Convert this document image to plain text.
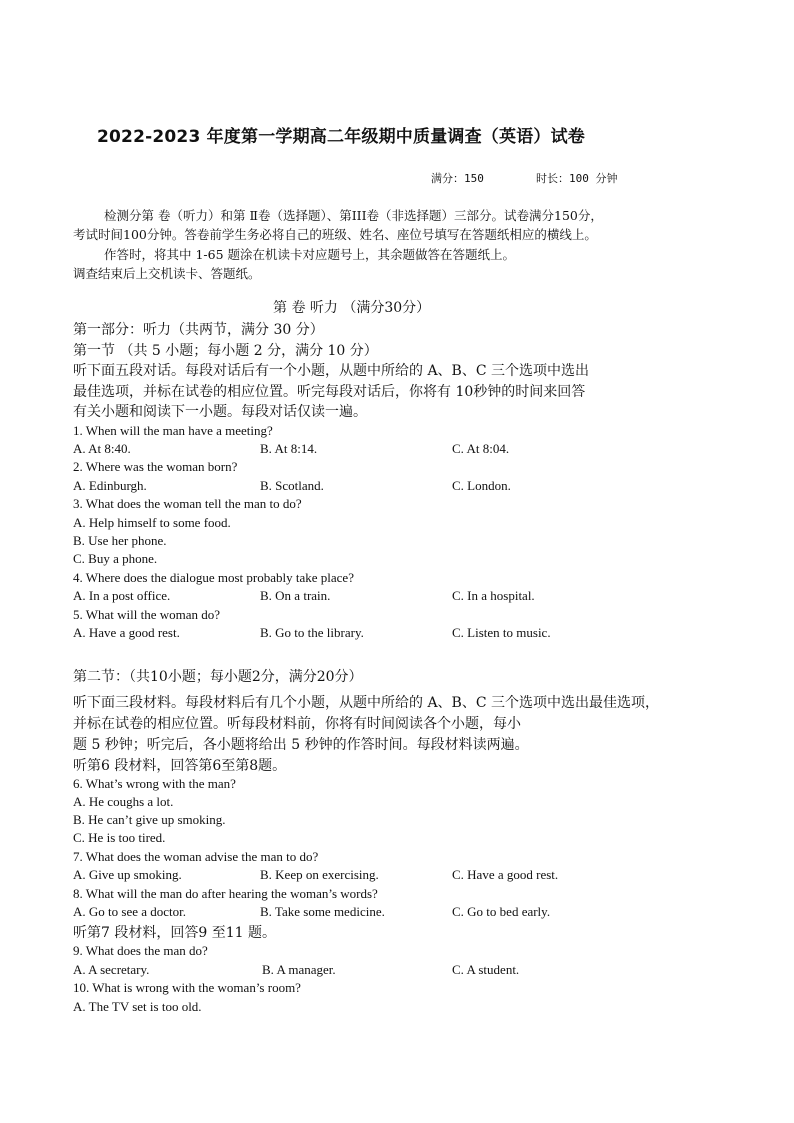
2022-2023 年度第一学期高二年级期中质量调查（英语）试卷
满分：150	时长：100 分钟
检测分第 卷（听力）和第 Ⅱ卷（选择题）、第III卷（非选择题）三部分。试卷满分150分，
考试时间100分钟。答卷前学生务必将自己的班级、姓名、座位号填写在答题纸相应的横线上。
作答时，将其中 1-65 题涂在机读卡对应题号上，其余题做答在答题纸上。
调查结束后上交机读卡、答题纸。
第 卷 听力 （满分30分）
第一部分：听力（共两节，满分 30 分）
第一节 （共 5 小题；每小题 2 分，满分 10 分）
听下面五段对话。每段对话后有一个小题，从题中所给的 A、B、C 三个选项中选出
最佳选项，并标在试卷的相应位置。听完每段对话后，你将有 10秒钟的时间来回答
有关小题和阅读下一小题。每段对话仅读一遍。
1. When will the man have a meeting?
A. At 8:40.	B. At 8:14.	C. At 8:04.
2. Where was the woman born?
A. Edinburgh.	B. Scotland.	C. London.
3. What does the woman tell the man to do?
A. Help himself to some food.
B. Use her phone.
C. Buy a phone.
4. Where does the dialogue most probably take place?
A. In a post office.	B. On a train.	C. In a hospital.
5. What will the woman do?
A. Have a good rest.	B. Go to the library.	C. Listen to music.
第二节：（共10小题；每小题2分，满分20分）
听下面三段材料。每段材料后有几个小题，从题中所给的 A、B、C 三个选项中选出最佳选项，
并标在试卷的相应位置。听每段材料前，你将有时间阅读各个小题，每小
题 5 秒钟；听完后，各小题将给出 5 秒钟的作答时间。每段材料读两遍。
听第6 段材料，回答第6至第8题。
6. What’s wrong with the man?
A. He coughs a lot.
B. He can’t give up smoking.
C. He is too tired.
7. What does the woman advise the man to do?
A. Give up smoking.	B. Keep on exercising.	C. Have a good rest.
8. What will the man do after hearing the woman’s words?
A. Go to see a doctor.	B. Take some medicine.	C. Go to bed early.
听第7 段材料，回答9 至11 题。
9. What does the man do?
A. A secretary.	B. A manager.	C. A student.
10. What is wrong with the woman’s room?
A. The TV set is too old.
